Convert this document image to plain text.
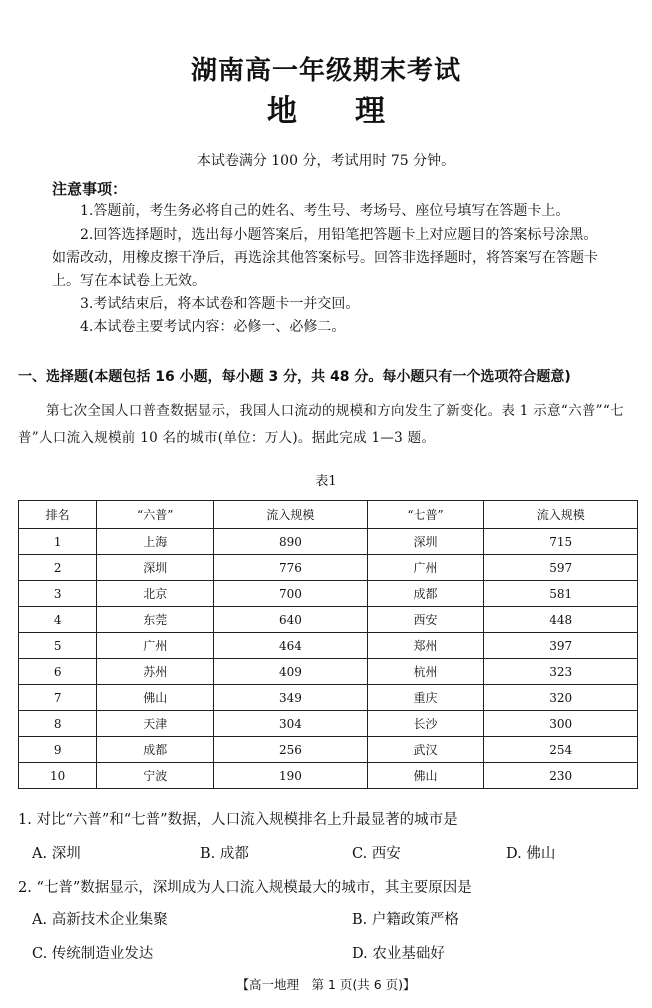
湖南高一年级期末考试
地理
本试卷满分 100 分，考试用时 75 分钟。
注意事项：
1.答题前，考生务必将自己的姓名、考生号、考场号、座位号填写在答题卡上。
2.回答选择题时，选出每小题答案后，用铅笔把答题卡上对应题目的答案标号涂黑。如需改动，用橡皮擦干净后，再选涂其他答案标号。回答非选择题时，将答案写在答题卡上。写在本试卷上无效。
3.考试结束后，将本试卷和答题卡一并交回。
4.本试卷主要考试内容：必修一、必修二。
一、选择题(本题包括 16 小题，每小题 3 分，共 48 分。每小题只有一个选项符合题意)
第七次全国人口普查数据显示，我国人口流动的规模和方向发生了新变化。表 1 示意“六普”“七普”人口流入规模前 10 名的城市(单位：万人)。据此完成 1—3 题。
表1
排名	“六普”	流入规模	“七普”	流入规模
1	上海	890	深圳	715
2	深圳	776	广州	597
3	北京	700	成都	581
4	东莞	640	西安	448
5	广州	464	郑州	397
6	苏州	409	杭州	323
7	佛山	349	重庆	320
8	天津	304	长沙	300
9	成都	256	武汉	254
10	宁波	190	佛山	230
1. 对比“六普”和“七普”数据，人口流入规模排名上升最显著的城市是
A. 深圳	B. 成都	C. 西安	D. 佛山
2. “七普”数据显示，深圳成为人口流入规模最大的城市，其主要原因是
A. 高新技术企业集聚	B. 户籍政策严格
C. 传统制造业发达	D. 农业基础好
【高一地理　第 1 页(共 6 页)】
